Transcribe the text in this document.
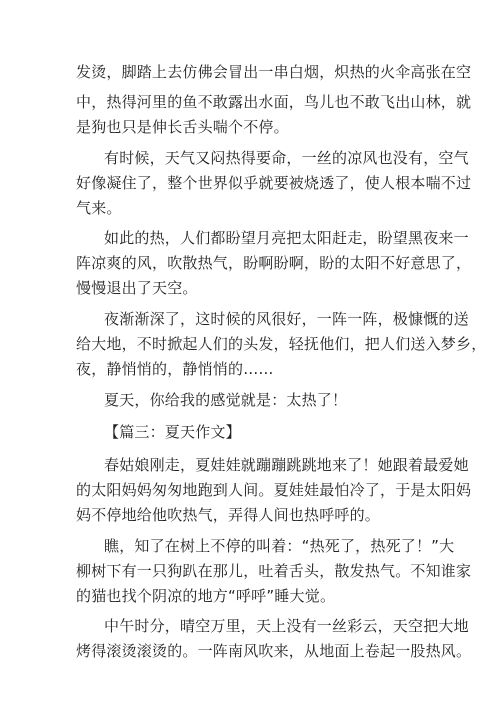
发烫，脚踏上去仿佛会冒出一串白烟，炽热的火伞高张在空
中，热得河里的鱼不敢露出水面，鸟儿也不敢飞出山林，就
是狗也只是伸长舌头喘个不停。
有时候，天气又闷热得要命，一丝的凉风也没有，空气
好像凝住了，整个世界似乎就要被烧透了，使人根本喘不过
气来。
如此的热，人们都盼望月亮把太阳赶走，盼望黑夜来一
阵凉爽的风，吹散热气，盼啊盼啊，盼的太阳不好意思了，
慢慢退出了天空。
夜渐渐深了，这时候的风很好，一阵一阵，极慷慨的送
给大地，不时掀起人们的头发，轻抚他们，把人们送入梦乡，
夜，静悄悄的，静悄悄的……
夏天，你给我的感觉就是：太热了！
【篇三：夏天作文】
春姑娘刚走，夏娃娃就蹦蹦跳跳地来了！她跟着最爱她
的太阳妈妈匆匆地跑到人间。夏娃娃最怕冷了，于是太阳妈
妈不停地给他吹热气，弄得人间也热呼呼的。
瞧，知了在树上不停的叫着：“热死了，热死了！”大
柳树下有一只狗趴在那儿，吐着舌头，散发热气。不知谁家
的猫也找个阴凉的地方“呼呼”睡大觉。
中午时分，晴空万里，天上没有一丝彩云，天空把大地
烤得滚烫滚烫的。一阵南风吹来，从地面上卷起一股热风。
